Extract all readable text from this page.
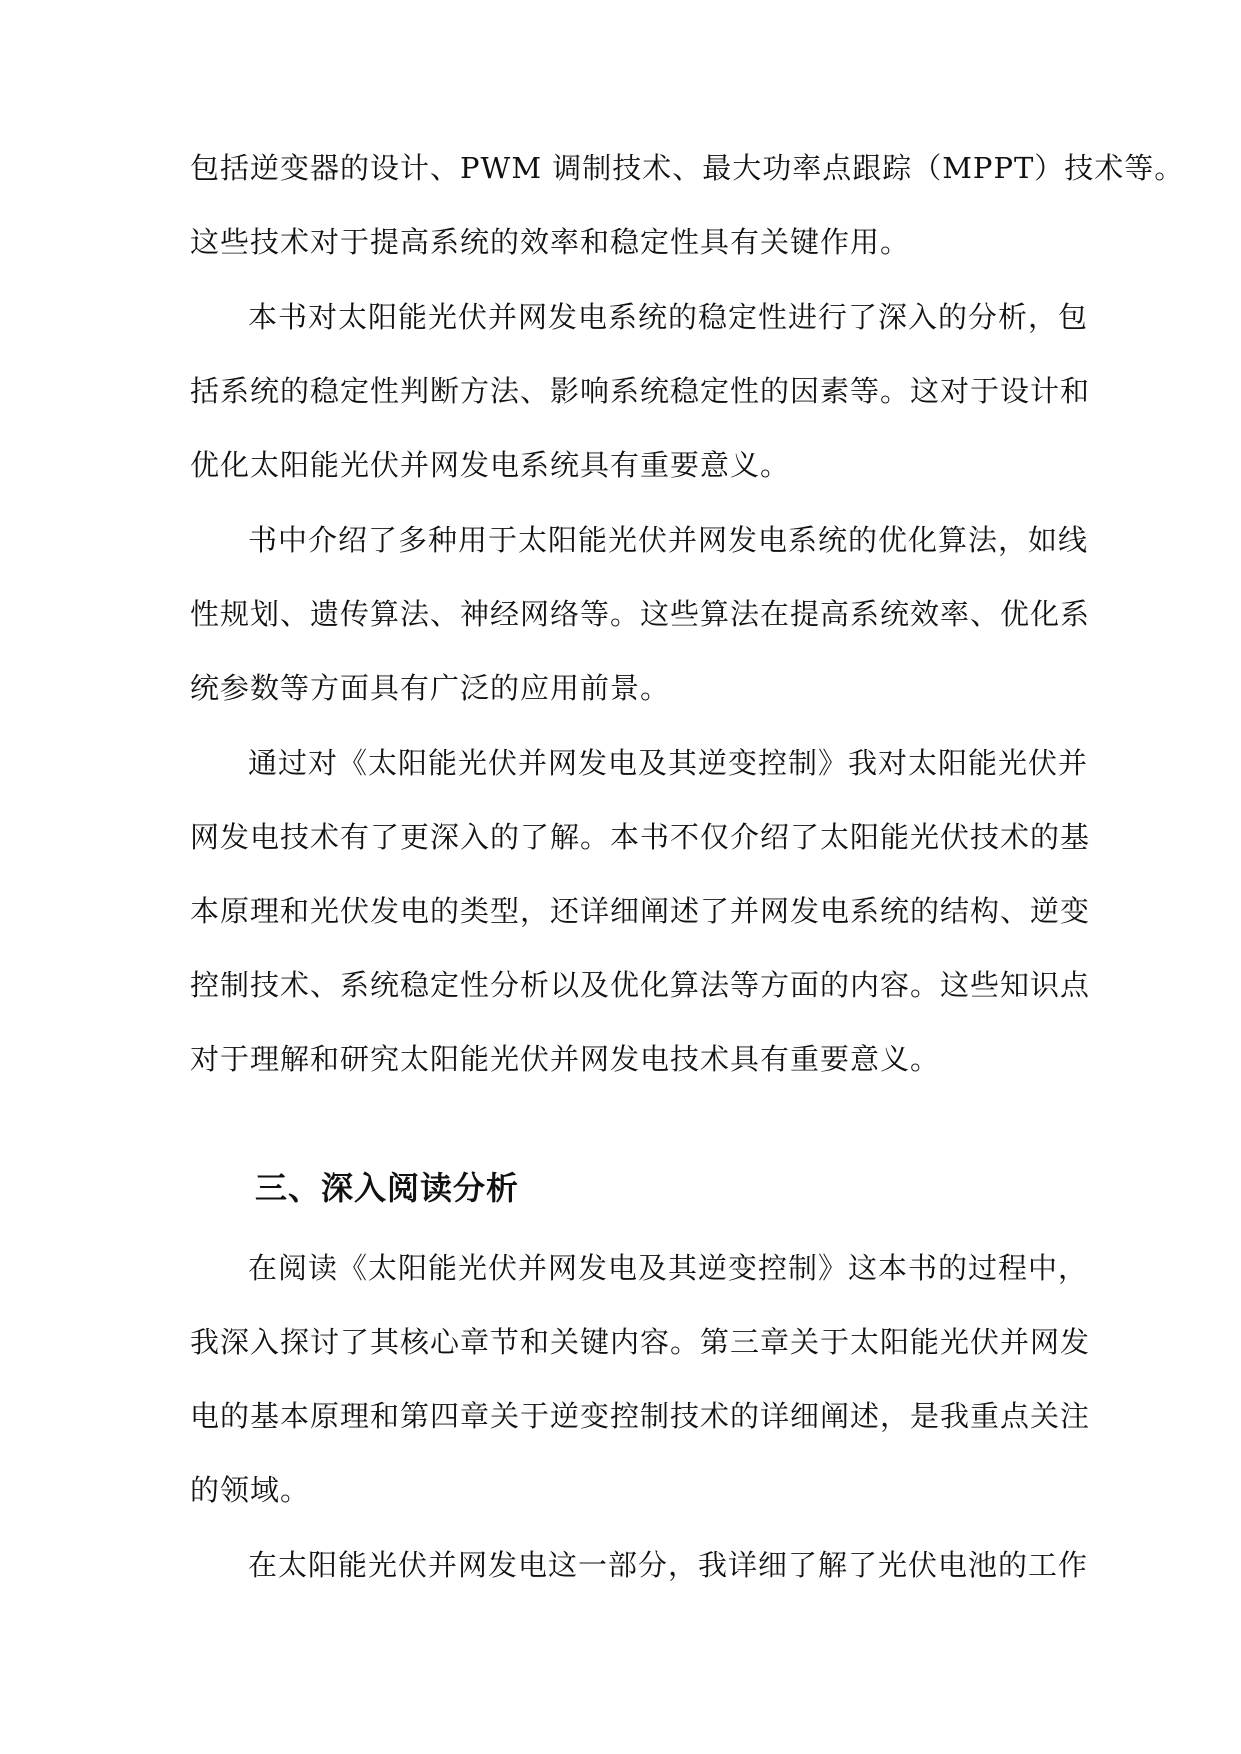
包括逆变器的设计、PWM 调制技术、最大功率点跟踪（MPPT）技术等。
这些技术对于提高系统的效率和稳定性具有关键作用。
本书对太阳能光伏并网发电系统的稳定性进行了深入的分析，包
括系统的稳定性判断方法、影响系统稳定性的因素等。这对于设计和
优化太阳能光伏并网发电系统具有重要意义。
书中介绍了多种用于太阳能光伏并网发电系统的优化算法，如线
性规划、遗传算法、神经网络等。这些算法在提高系统效率、优化系
统参数等方面具有广泛的应用前景。
通过对《太阳能光伏并网发电及其逆变控制》我对太阳能光伏并
网发电技术有了更深入的了解。本书不仅介绍了太阳能光伏技术的基
本原理和光伏发电的类型，还详细阐述了并网发电系统的结构、逆变
控制技术、系统稳定性分析以及优化算法等方面的内容。这些知识点
对于理解和研究太阳能光伏并网发电技术具有重要意义。
三、深入阅读分析
在阅读《太阳能光伏并网发电及其逆变控制》这本书的过程中，
我深入探讨了其核心章节和关键内容。第三章关于太阳能光伏并网发
电的基本原理和第四章关于逆变控制技术的详细阐述，是我重点关注
的领域。
在太阳能光伏并网发电这一部分，我详细了解了光伏电池的工作
